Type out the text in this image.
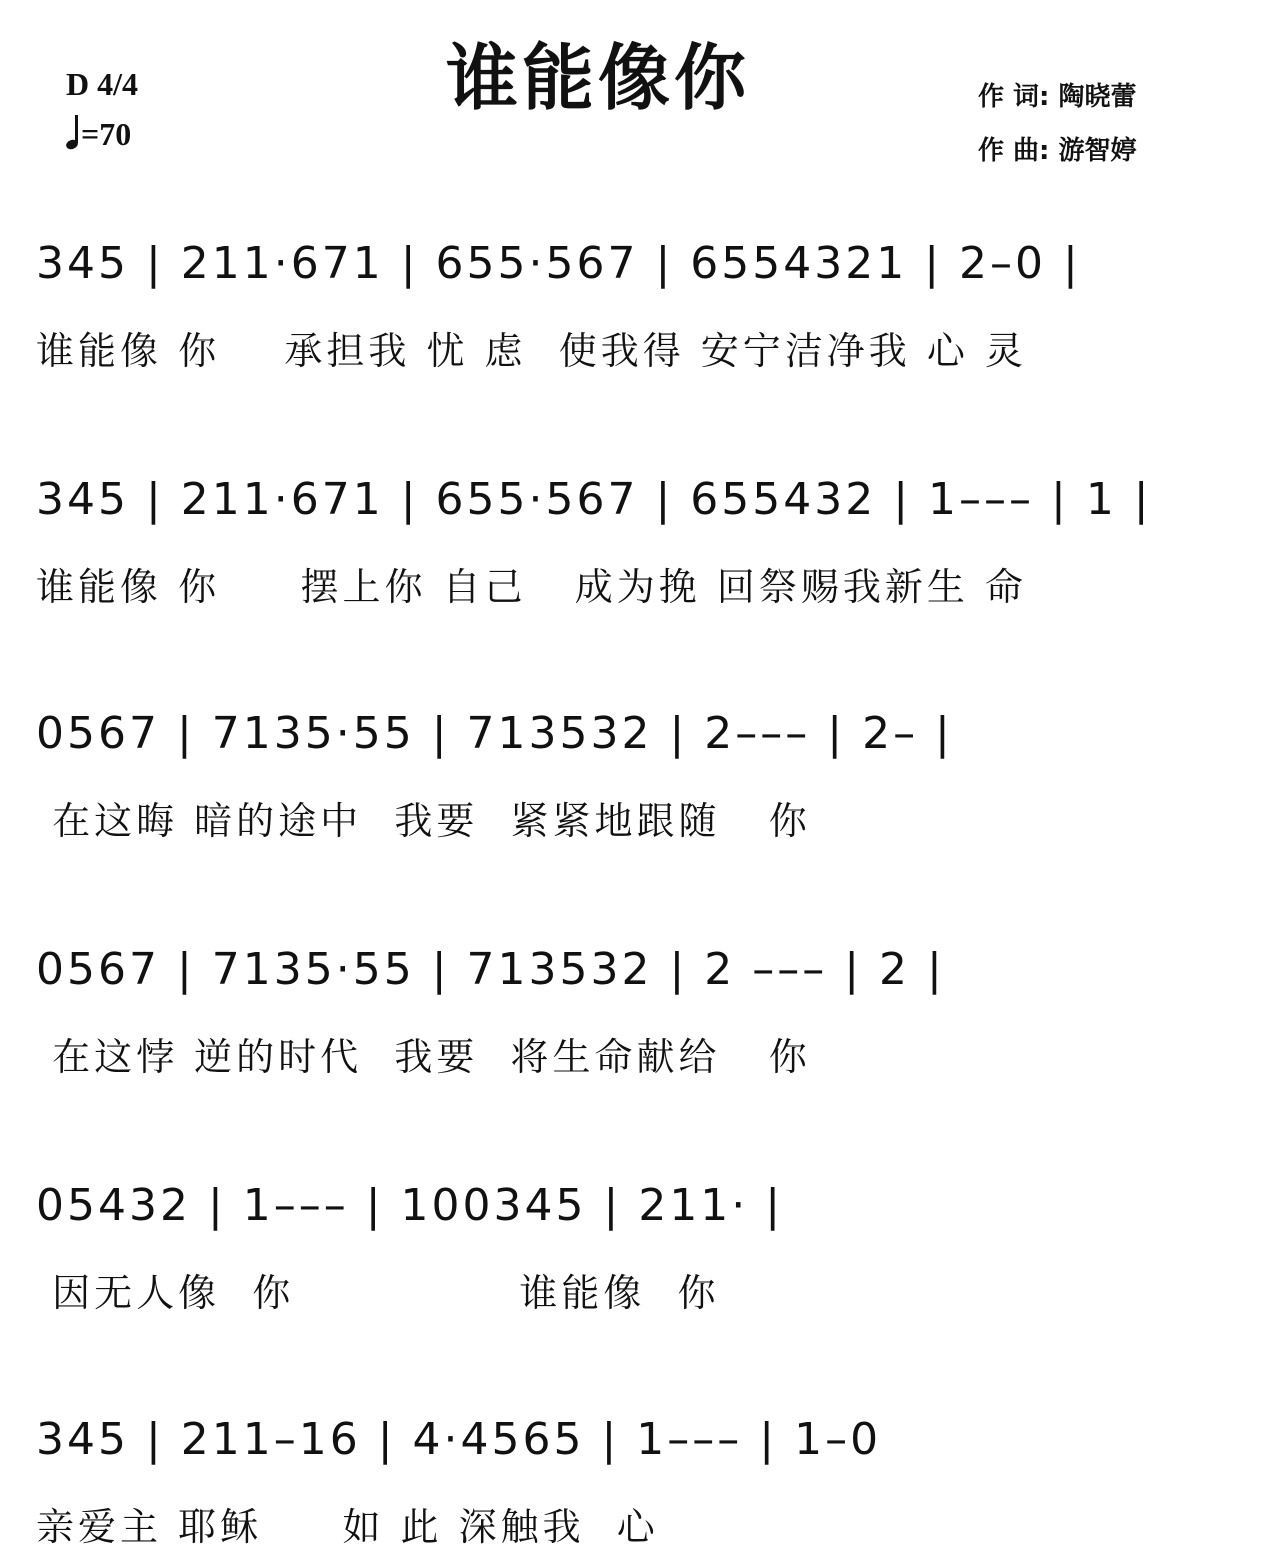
谁能像你
D 4/4
=70
作 词: 陶晓蕾
作 曲: 游智婷
345 | 211·671 | 655·567 | 6554321 | 2–0 |
谁能像 你    承担我 忧 虑  使我得 安宁洁净我 心 灵
345 | 211·671 | 655·567 | 655432 | 1––– | 1 |
谁能像 你     摆上你 自己   成为挽 回祭赐我新生 命
0567 | 7135·55 | 713532 | 2––– | 2– |
在这晦 暗的途中  我要  紧紧地跟随   你
0567 | 7135·55 | 713532 | 2 ––– | 2 |
在这悖 逆的时代  我要  将生命献给   你
05432 | 1––– | 100345 | 211· |
因无人像  你              谁能像  你
345 | 211–16 | 4·4565 | 1––– | 1–0
亲爱主 耶稣     如 此 深触我  心
